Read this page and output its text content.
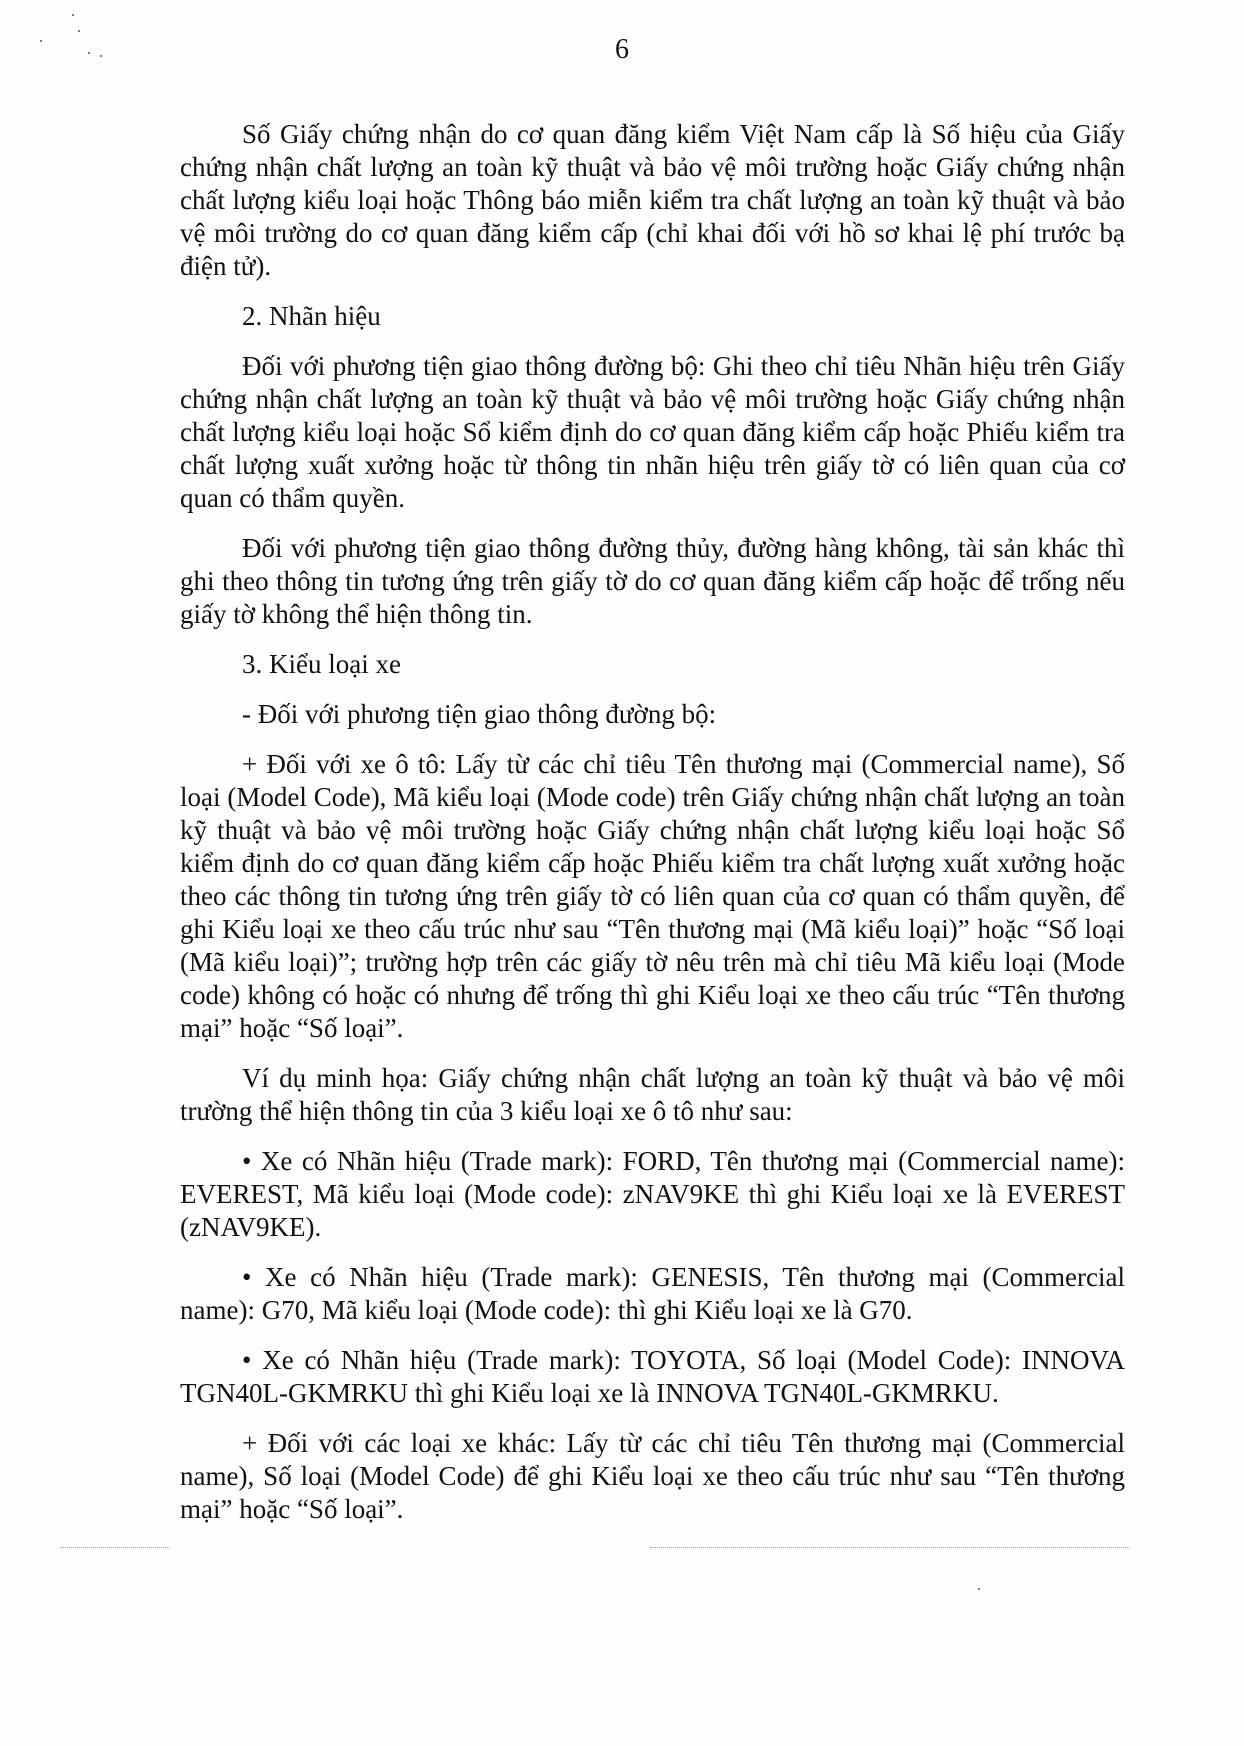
6

Số Giấy chứng nhận do cơ quan đăng kiểm Việt Nam cấp là Số hiệu của Giấy chứng nhận chất lượng an toàn kỹ thuật và bảo vệ môi trường hoặc Giấy chứng nhận chất lượng kiểu loại hoặc Thông báo miễn kiểm tra chất lượng an toàn kỹ thuật và bảo vệ môi trường do cơ quan đăng kiểm cấp (chỉ khai đối với hồ sơ khai lệ phí trước bạ điện tử).

2. Nhãn hiệu

Đối với phương tiện giao thông đường bộ: Ghi theo chỉ tiêu Nhãn hiệu trên Giấy chứng nhận chất lượng an toàn kỹ thuật và bảo vệ môi trường hoặc Giấy chứng nhận chất lượng kiểu loại hoặc Sổ kiểm định do cơ quan đăng kiểm cấp hoặc Phiếu kiểm tra chất lượng xuất xưởng hoặc từ thông tin nhãn hiệu trên giấy tờ có liên quan của cơ quan có thẩm quyền.

Đối với phương tiện giao thông đường thủy, đường hàng không, tài sản khác thì ghi theo thông tin tương ứng trên giấy tờ do cơ quan đăng kiểm cấp hoặc để trống nếu giấy tờ không thể hiện thông tin.

3. Kiểu loại xe

- Đối với phương tiện giao thông đường bộ:

+ Đối với xe ô tô: Lấy từ các chỉ tiêu Tên thương mại (Commercial name), Số loại (Model Code), Mã kiểu loại (Mode code) trên Giấy chứng nhận chất lượng an toàn kỹ thuật và bảo vệ môi trường hoặc Giấy chứng nhận chất lượng kiểu loại hoặc Sổ kiểm định do cơ quan đăng kiểm cấp hoặc Phiếu kiểm tra chất lượng xuất xưởng hoặc theo các thông tin tương ứng trên giấy tờ có liên quan của cơ quan có thẩm quyền, để ghi Kiểu loại xe theo cấu trúc như sau “Tên thương mại (Mã kiểu loại)” hoặc “Số loại (Mã kiểu loại)”; trường hợp trên các giấy tờ nêu trên mà chỉ tiêu Mã kiểu loại (Mode code) không có hoặc có nhưng để trống thì ghi Kiểu loại xe theo cấu trúc “Tên thương mại” hoặc “Số loại”.

Ví dụ minh họa: Giấy chứng nhận chất lượng an toàn kỹ thuật và bảo vệ môi trường thể hiện thông tin của 3 kiểu loại xe ô tô như sau:

• Xe có Nhãn hiệu (Trade mark): FORD, Tên thương mại (Commercial name): EVEREST, Mã kiểu loại (Mode code): zNAV9KE thì ghi Kiểu loại xe là EVEREST (zNAV9KE).

• Xe có Nhãn hiệu (Trade mark): GENESIS, Tên thương mại (Commercial name): G70, Mã kiểu loại (Mode code): thì ghi Kiểu loại xe là G70.

• Xe có Nhãn hiệu (Trade mark): TOYOTA, Số loại (Model Code): INNOVA TGN40L-GKMRKU thì ghi Kiểu loại xe là INNOVA TGN40L-GKMRKU.

+ Đối với các loại xe khác: Lấy từ các chỉ tiêu Tên thương mại (Commercial name), Số loại (Model Code) để ghi Kiểu loại xe theo cấu trúc như sau “Tên thương mại” hoặc “Số loại”.
